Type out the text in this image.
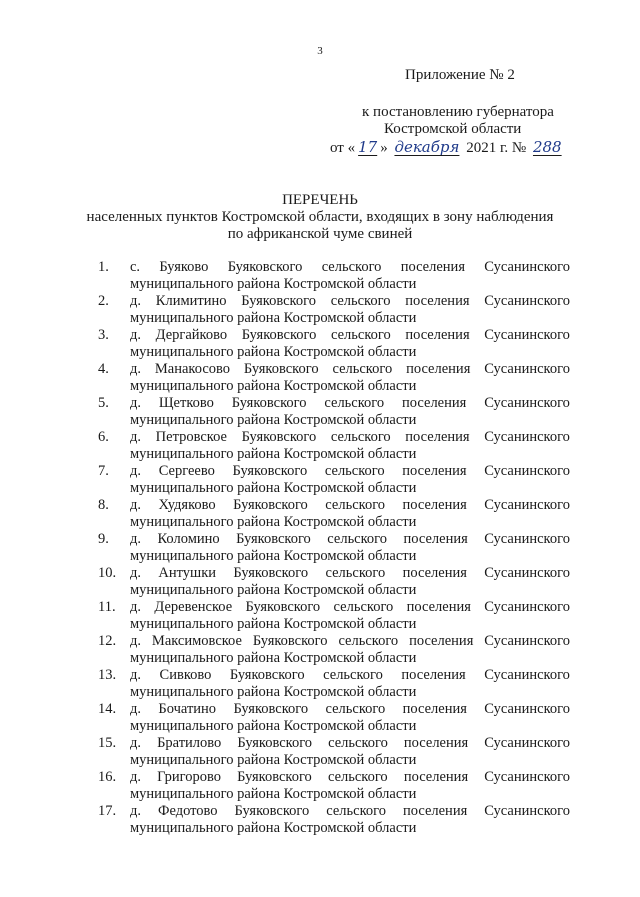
3
Приложение № 2
к постановлению губернатора
Костромской области
от « 17 » декабря 2021 г. № 288
ПЕРЕЧЕНЬ
населенных пунктов Костромской области, входящих в зону наблюдения
по африканской чуме свиней
1.	с. Буяково Буяковского сельского поселения Сусанинского
муниципального района Костромской области
2.	д. Климитино Буяковского сельского поселения Сусанинского
муниципального района Костромской области
3.	д. Дергайково Буяковского сельского поселения Сусанинского
муниципального района Костромской области
4.	д. Манакосово Буяковского сельского поселения Сусанинского
муниципального района Костромской области
5.	д. Щетково Буяковского сельского поселения Сусанинского
муниципального района Костромской области
6.	д. Петровское Буяковского сельского поселения Сусанинского
муниципального района Костромской области
7.	д. Сергеево Буяковского сельского поселения Сусанинского
муниципального района Костромской области
8.	д. Худяково Буяковского сельского поселения Сусанинского
муниципального района Костромской области
9.	д. Коломино Буяковского сельского поселения Сусанинского
муниципального района Костромской области
10. д. Антушки Буяковского сельского поселения Сусанинского
муниципального района Костромской области
11. д. Деревенское Буяковского сельского поселения Сусанинского
муниципального района Костромской области
12. д. Максимовское Буяковского сельского поселения Сусанинского
муниципального района Костромской области
13. д. Сивково Буяковского сельского поселения Сусанинского
муниципального района Костромской области
14. д. Бочатино Буяковского сельского поселения Сусанинского
муниципального района Костромской области
15. д. Братилово Буяковского сельского поселения Сусанинского
муниципального района Костромской области
16. д. Григорово Буяковского сельского поселения Сусанинского
муниципального района Костромской области
17. д. Федотово Буяковского сельского поселения Сусанинского
муниципального района Костромской области
